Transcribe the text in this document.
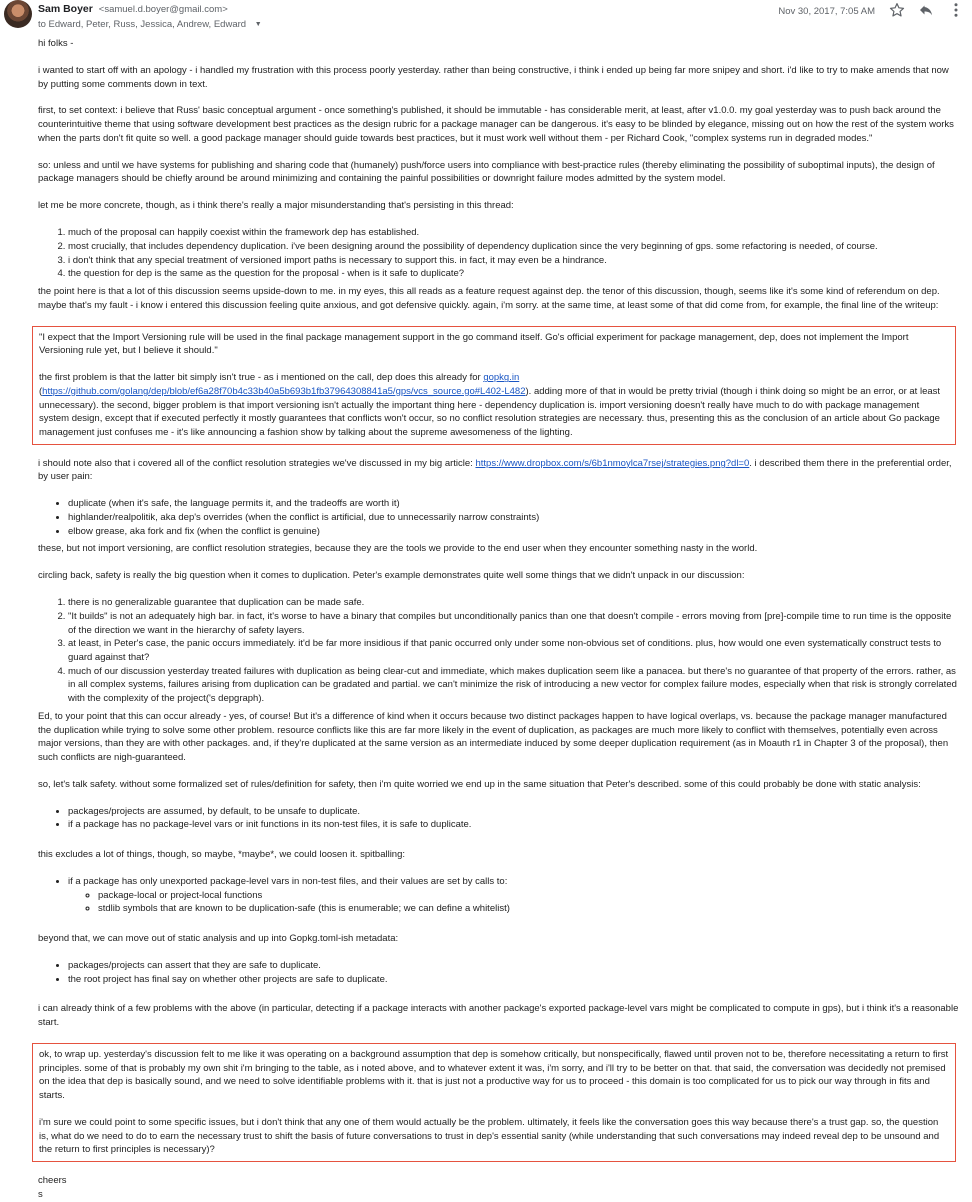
Sam Boyer <samuel.d.boyer@gmail.com>
to Edward, Peter, Russ, Jessica, Andrew, Edward ▼
Nov 30, 2017, 7:05 AM

hi folks -

i wanted to start off with an apology - i handled my frustration with this process poorly yesterday. rather than being constructive, i think i ended up being far more snipey and short. i'd like to try to make amends that now by putting some comments down in text.

first, to set context: i believe that Russ' basic conceptual argument - once something's published, it should be immutable - has considerable merit, at least, after v1.0.0. my goal yesterday was to push back around the counterintuitive theme that using software development best practices as the design rubric for a package manager can be dangerous. it's easy to be blinded by elegance, missing out on how the rest of the system works when the parts don't fit quite so well. a good package manager should guide towards best practices, but it must work well without them - per Richard Cook, "complex systems run in degraded modes."

so: unless and until we have systems for publishing and sharing code that (humanely) push/force users into compliance with best-practice rules (thereby eliminating the possibility of suboptimal inputs), the design of package managers should be chiefly around be around minimizing and containing the painful possibilities or downright failure modes admitted by the system model.

let me be more concrete, though, as i think there's really a major misunderstanding that's persisting in this thread:

1. much of the proposal can happily coexist within the framework dep has established.
2. most crucially, that includes dependency duplication. i've been designing around the possibility of dependency duplication since the very beginning of gps. some refactoring is needed, of course.
3. i don't think that any special treatment of versioned import paths is necessary to support this. in fact, it may even be a hindrance.
4. the question for dep is the same as the question for the proposal - when is it safe to duplicate?

the point here is that a lot of this discussion seems upside-down to me. in my eyes, this all reads as a feature request against dep. the tenor of this discussion, though, seems like it's some kind of referendum on dep. maybe that's my fault - i know i entered this discussion feeling quite anxious, and got defensive quickly. again, i'm sorry. at the same time, at least some of that did come from, for example, the final line of the writeup:

"I expect that the Import Versioning rule will be used in the final package management support in the go command itself. Go's official experiment for package management, dep, does not implement the Import Versioning rule yet, but I believe it should."

the first problem is that the latter bit simply isn't true - as i mentioned on the call, dep does this already for gopkg.in (https://github.com/golang/dep/blob/ef6a28f70b4c33b40a5b693b1fb37964308841a5/gps/vcs_source.go#L402-L482). adding more of that in would be pretty trivial (though i think doing so might be an error, or at least unnecessary). the second, bigger problem is that import versioning isn't actually the important thing here - dependency duplication is. import versioning doesn't really have much to do with package management system design, except that if executed perfectly it mostly guarantees that conflicts won't occur, so no conflict resolution strategies are necessary. thus, presenting this as the conclusion of an article about Go package management just confuses me - it's like announcing a fashion show by talking about the supreme awesomeness of the lighting.

i should note also that i covered all of the conflict resolution strategies we've discussed in my big article: https://www.dropbox.com/s/6b1nmoylca7rsej/strategies.png?dl=0. i described them there in the preferential order, by user pain:

• duplicate (when it's safe, the language permits it, and the tradeoffs are worth it)
• highlander/realpolitik, aka dep's overrides (when the conflict is artificial, due to unnecessarily narrow constraints)
• elbow grease, aka fork and fix (when the conflict is genuine)

these, but not import versioning, are conflict resolution strategies, because they are the tools we provide to the end user when they encounter something nasty in the world.

circling back, safety is really the big question when it comes to duplication. Peter's example demonstrates quite well some things that we didn't unpack in our discussion:

1. there is no generalizable guarantee that duplication can be made safe.
2. "It builds" is not an adequately high bar. in fact, it's worse to have a binary that compiles but unconditionally panics than one that doesn't compile - errors moving from [pre]-compile time to run time is the opposite of the direction we want in the hierarchy of safety layers.
3. at least, in Peter's case, the panic occurs immediately. it'd be far more insidious if that panic occurred only under some non-obvious set of conditions. plus, how would one even systematically construct tests to guard against that?
4. much of our discussion yesterday treated failures with duplication as being clear-cut and immediate, which makes duplication seem like a panacea. but there's no guarantee of that property of the errors. rather, as in all complex systems, failures arising from duplication can be gradated and partial. we can't minimize the risk of introducing a new vector for complex failure modes, especially when that risk is strongly correlated with the complexity of the project('s depgraph).

Ed, to your point that this can occur already - yes, of course! But it's a difference of kind when it occurs because two distinct packages happen to have logical overlaps, vs. because the package manager manufactured the duplication while trying to solve some other problem. resource conflicts like this are far more likely in the event of duplication, as packages are much more likely to conflict with themselves, potentially even across major versions, than they are with other packages. and, if they're duplicated at the same version as an intermediate induced by some deeper duplication requirement (as in Moauth r1 in Chapter 3 of the proposal), then such conflicts are nigh-guaranteed.

so, let's talk safety. without some formalized set of rules/definition for safety, then i'm quite worried we end up in the same situation that Peter's described. some of this could probably be done with static analysis:

• packages/projects are assumed, by default, to be unsafe to duplicate.
• if a package has no package-level vars or init functions in its non-test files, it is safe to duplicate.

this excludes a lot of things, though, so maybe, *maybe*, we could loosen it. spitballing:

• if a package has only unexported package-level vars in non-test files, and their values are set by calls to:
◦ package-local or project-local functions
◦ stdlib symbols that are known to be duplication-safe (this is enumerable; we can define a whitelist)

beyond that, we can move out of static analysis and up into Gopkg.toml-ish metadata:

• packages/projects can assert that they are safe to duplicate.
• the root project has final say on whether other projects are safe to duplicate.

i can already think of a few problems with the above (in particular, detecting if a package interacts with another package's exported package-level vars might be complicated to compute in gps), but i think it's a reasonable start.

ok, to wrap up. yesterday's discussion felt to me like it was operating on a background assumption that dep is somehow critically, but nonspecifically, flawed until proven not to be, therefore necessitating a return to first principles. some of that is probably my own shit i'm bringing to the table, as i noted above, and to whatever extent it was, i'm sorry, and i'll try to be better on that. that said, the conversation was decidedly not premised on the idea that dep is basically sound, and we need to solve identifiable problems with it. that is just not a productive way for us to proceed - this domain is too complicated for us to pick our way through in fits and starts.

i'm sure we could point to some specific issues, but i don't think that any one of them would actually be the problem. ultimately, it feels like the conversation goes this way because there's a trust gap. so, the question is, what do we need to do to earn the necessary trust to shift the basis of future conversations to trust in dep's essential sanity (while understanding that such conversations may indeed reveal dep to be unsound and the return to first principles is necessary)?

cheers

s
